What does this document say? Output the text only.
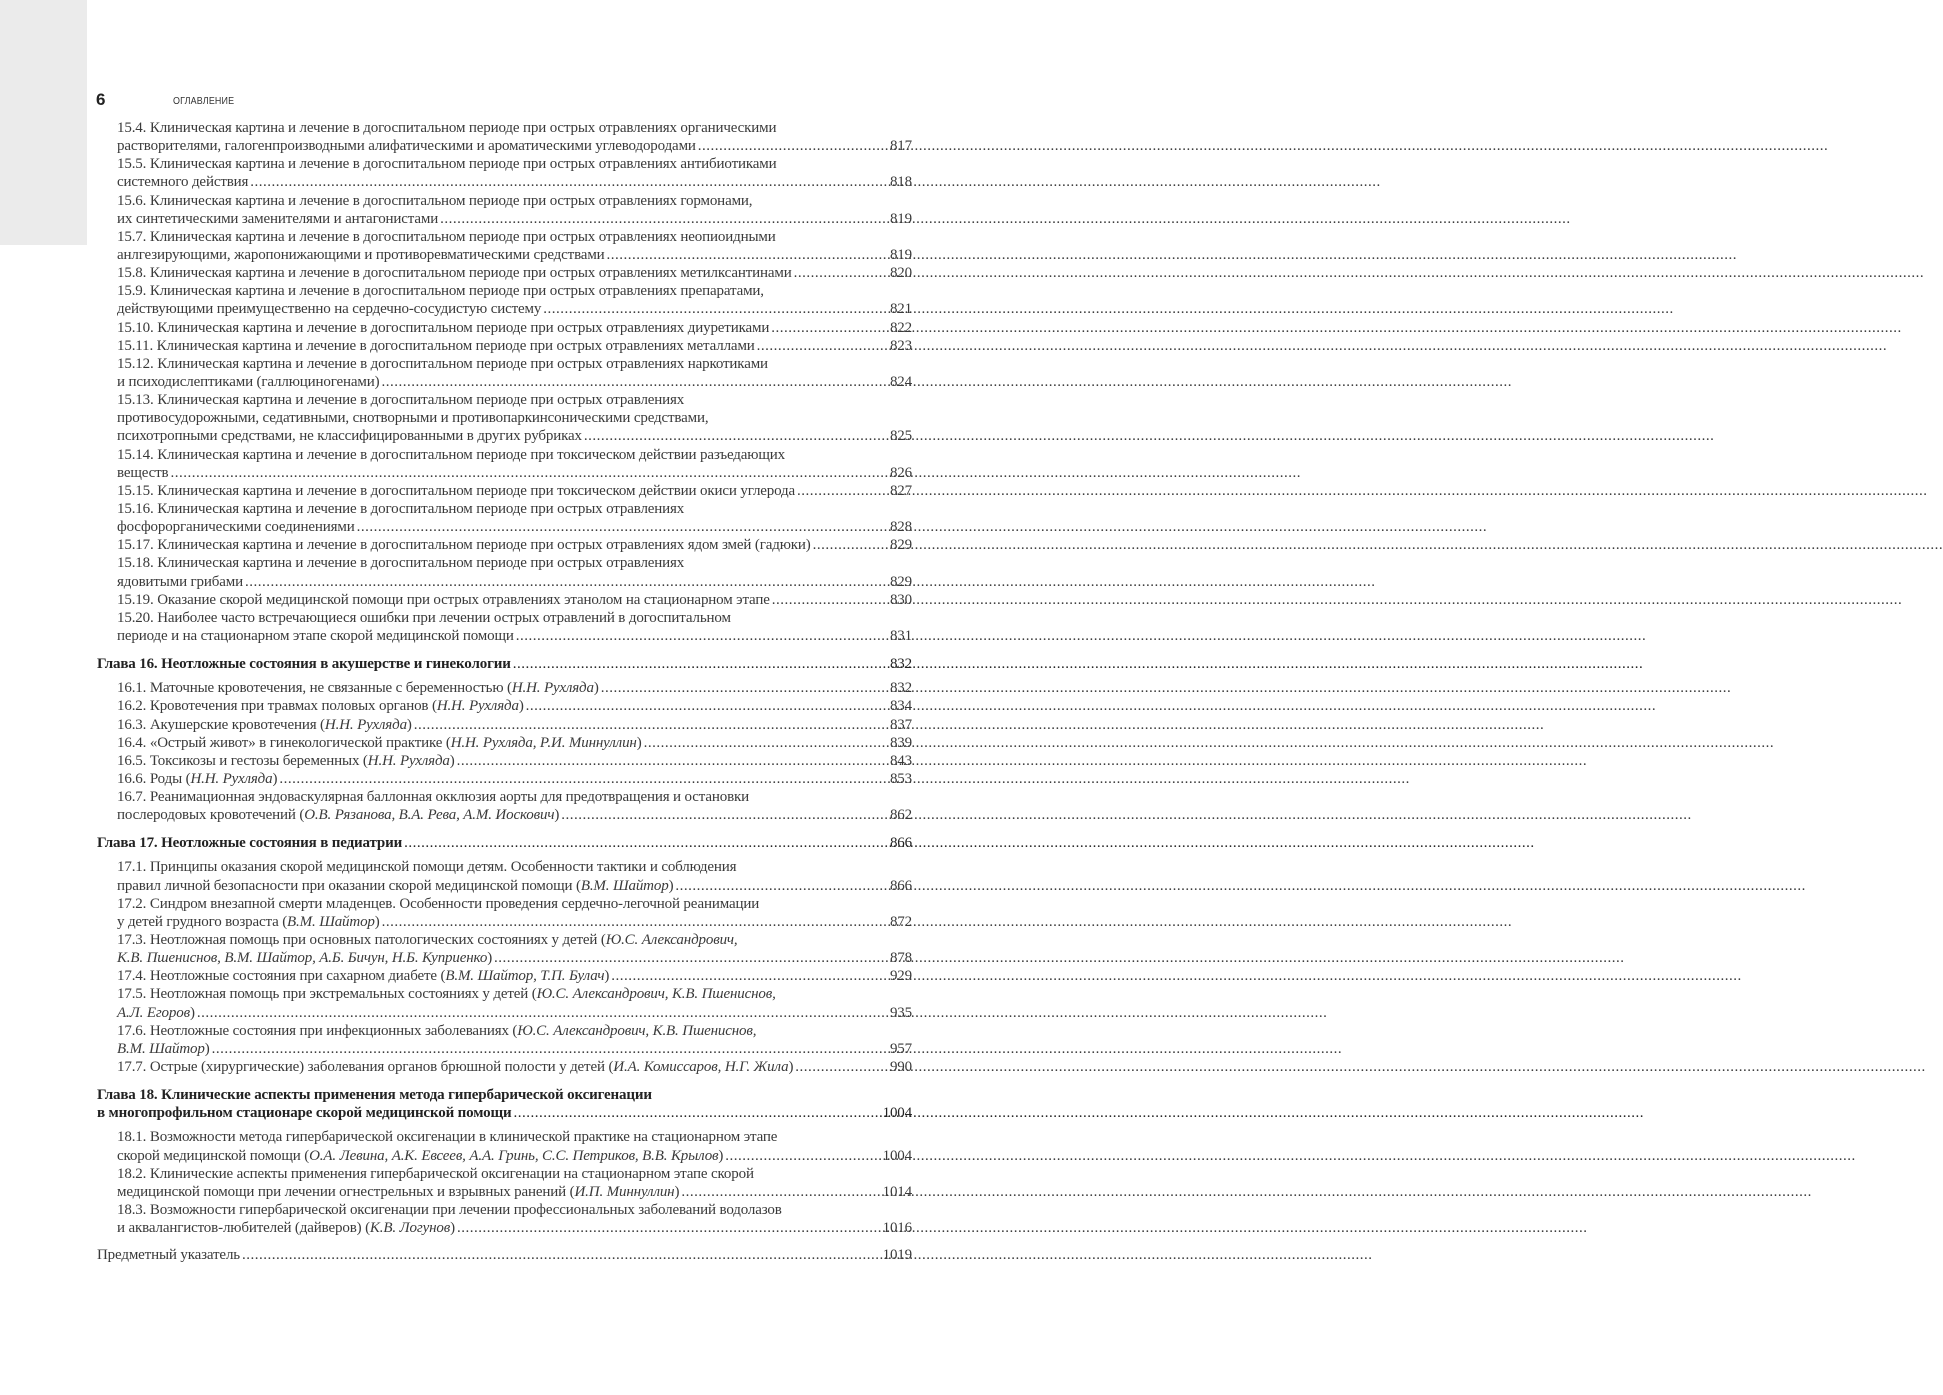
6	ОГЛАВЛЕНИЕ
15.4. Клиническая картина и лечение в догоспитальном периоде при острых отравлениях органическими
растворителями, галогенпроизводными алифатическими и ароматическими углеводородами .....	817
15.5. Клиническая картина и лечение в догоспитальном периоде при острых отравлениях антибиотиками
системного действия .....	818
15.6. Клиническая картина и лечение в догоспитальном периоде при острых отравлениях гормонами,
их синтетическими заменителями и антагонистами .....	819
15.7. Клиническая картина и лечение в догоспитальном периоде при острых отравлениях неопиоидными
анлгезирующими, жаропонижающими и противоревматическими средствами .....	819
15.8. Клиническая картина и лечение в догоспитальном периоде при острых отравлениях метилксантинами .....	820
15.9. Клиническая картина и лечение в догоспитальном периоде при острых отравлениях препаратами,
действующими преимущественно на сердечно-сосудистую систему .....	821
15.10. Клиническая картина и лечение в догоспитальном периоде при острых отравлениях диуретиками .....	822
15.11. Клиническая картина и лечение в догоспитальном периоде при острых отравлениях металлами .....	823
15.12. Клиническая картина и лечение в догоспитальном периоде при острых отравлениях наркотиками
и психодислептиками (галлюциногенами) .....	824
15.13. Клиническая картина и лечение в догоспитальном периоде при острых отравлениях
противосудорожными, седативными, снотворными и противопаркинсоническими средствами,
психотропными средствами, не классифицированными в других рубриках .....	825
15.14. Клиническая картина и лечение в догоспитальном периоде при токсическом действии разъедающих
веществ .....	826
15.15. Клиническая картина и лечение в догоспитальном периоде при токсическом действии окиси углерода .....	827
15.16. Клиническая картина и лечение в догоспитальном периоде при острых отравлениях
фосфорорганическими соединениями .....	828
15.17. Клиническая картина и лечение в догоспитальном периоде при острых отравлениях ядом змей (гадюки) .....	829
15.18. Клиническая картина и лечение в догоспитальном периоде при острых отравлениях
ядовитыми грибами .....	829
15.19. Оказание скорой медицинской помощи при острых отравлениях этанолом на стационарном этапе .....	830
15.20. Наиболее часто встречающиеся ошибки при лечении острых отравлений в догоспитальном
периоде и на стационарном этапе скорой медицинской помощи .....	831
Глава 16. Неотложные состояния в акушерстве и гинекологии .....	832
16.1. Маточные кровотечения, не связанные с беременностью (Н.Н. Рухляда) .....	832
16.2. Кровотечения при травмах половых органов (Н.Н. Рухляда) .....	834
16.3. Акушерские кровотечения (Н.Н. Рухляда) .....	837
16.4. «Острый живот» в гинекологической практике (Н.Н. Рухляда, Р.И. Миннуллин) .....	839
16.5. Токсикозы и гестозы беременных (Н.Н. Рухляда) .....	843
16.6. Роды (Н.Н. Рухляда) .....	853
16.7. Реанимационная эндоваскулярная баллонная окклюзия аорты для предотвращения и остановки
послеродовых кровотечений (О.В. Рязанова, В.А. Рева, А.М. Иоскович) .....	862
Глава 17. Неотложные состояния в педиатрии .....	866
17.1. Принципы оказания скорой медицинской помощи детям. Особенности тактики и соблюдения
правил личной безопасности при оказании скорой медицинской помощи (В.М. Шайтор) .....	866
17.2. Синдром внезапной смерти младенцев. Особенности проведения сердечно-легочной реанимации
у детей грудного возраста (В.М. Шайтор) .....	872
17.3. Неотложная помощь при основных патологических состояниях у детей (Ю.С. Александрович,
К.В. Пшениснов, В.М. Шайтор, А.Б. Бичун, Н.Б. Куприенко) .....	878
17.4. Неотложные состояния при сахарном диабете (В.М. Шайтор, Т.П. Булач) .....	929
17.5. Неотложная помощь при экстремальных состояниях у детей (Ю.С. Александрович, К.В. Пшениснов,
А.Л. Егоров) .....	935
17.6. Неотложные состояния при инфекционных заболеваниях (Ю.С. Александрович, К.В. Пшениснов,
В.М. Шайтор) .....	957
17.7. Острые (хирургические) заболевания органов брюшной полости у детей (И.А. Комиссаров, Н.Г. Жила) .....	990
Глава 18. Клинические аспекты применения метода гипербарической оксигенации
в многопрофильном стационаре скорой медицинской помощи .....	1004
18.1. Возможности метода гипербарической оксигенации в клинической практике на стационарном этапе
скорой медицинской помощи (О.А. Левина, А.К. Евсеев, А.А. Гринь, С.С. Петриков, В.В. Крылов) .....	1004
18.2. Клинические аспекты применения гипербарической оксигенации на стационарном этапе скорой
медицинской помощи при лечении огнестрельных и взрывных ранений (И.П. Миннуллин) .....	1014
18.3. Возможности гипербарической оксигенации при лечении профессиональных заболеваний водолазов
и аквалангистов-любителей (дайверов) (К.В. Логунов) .....	1016
Предметный указатель .....	1019
